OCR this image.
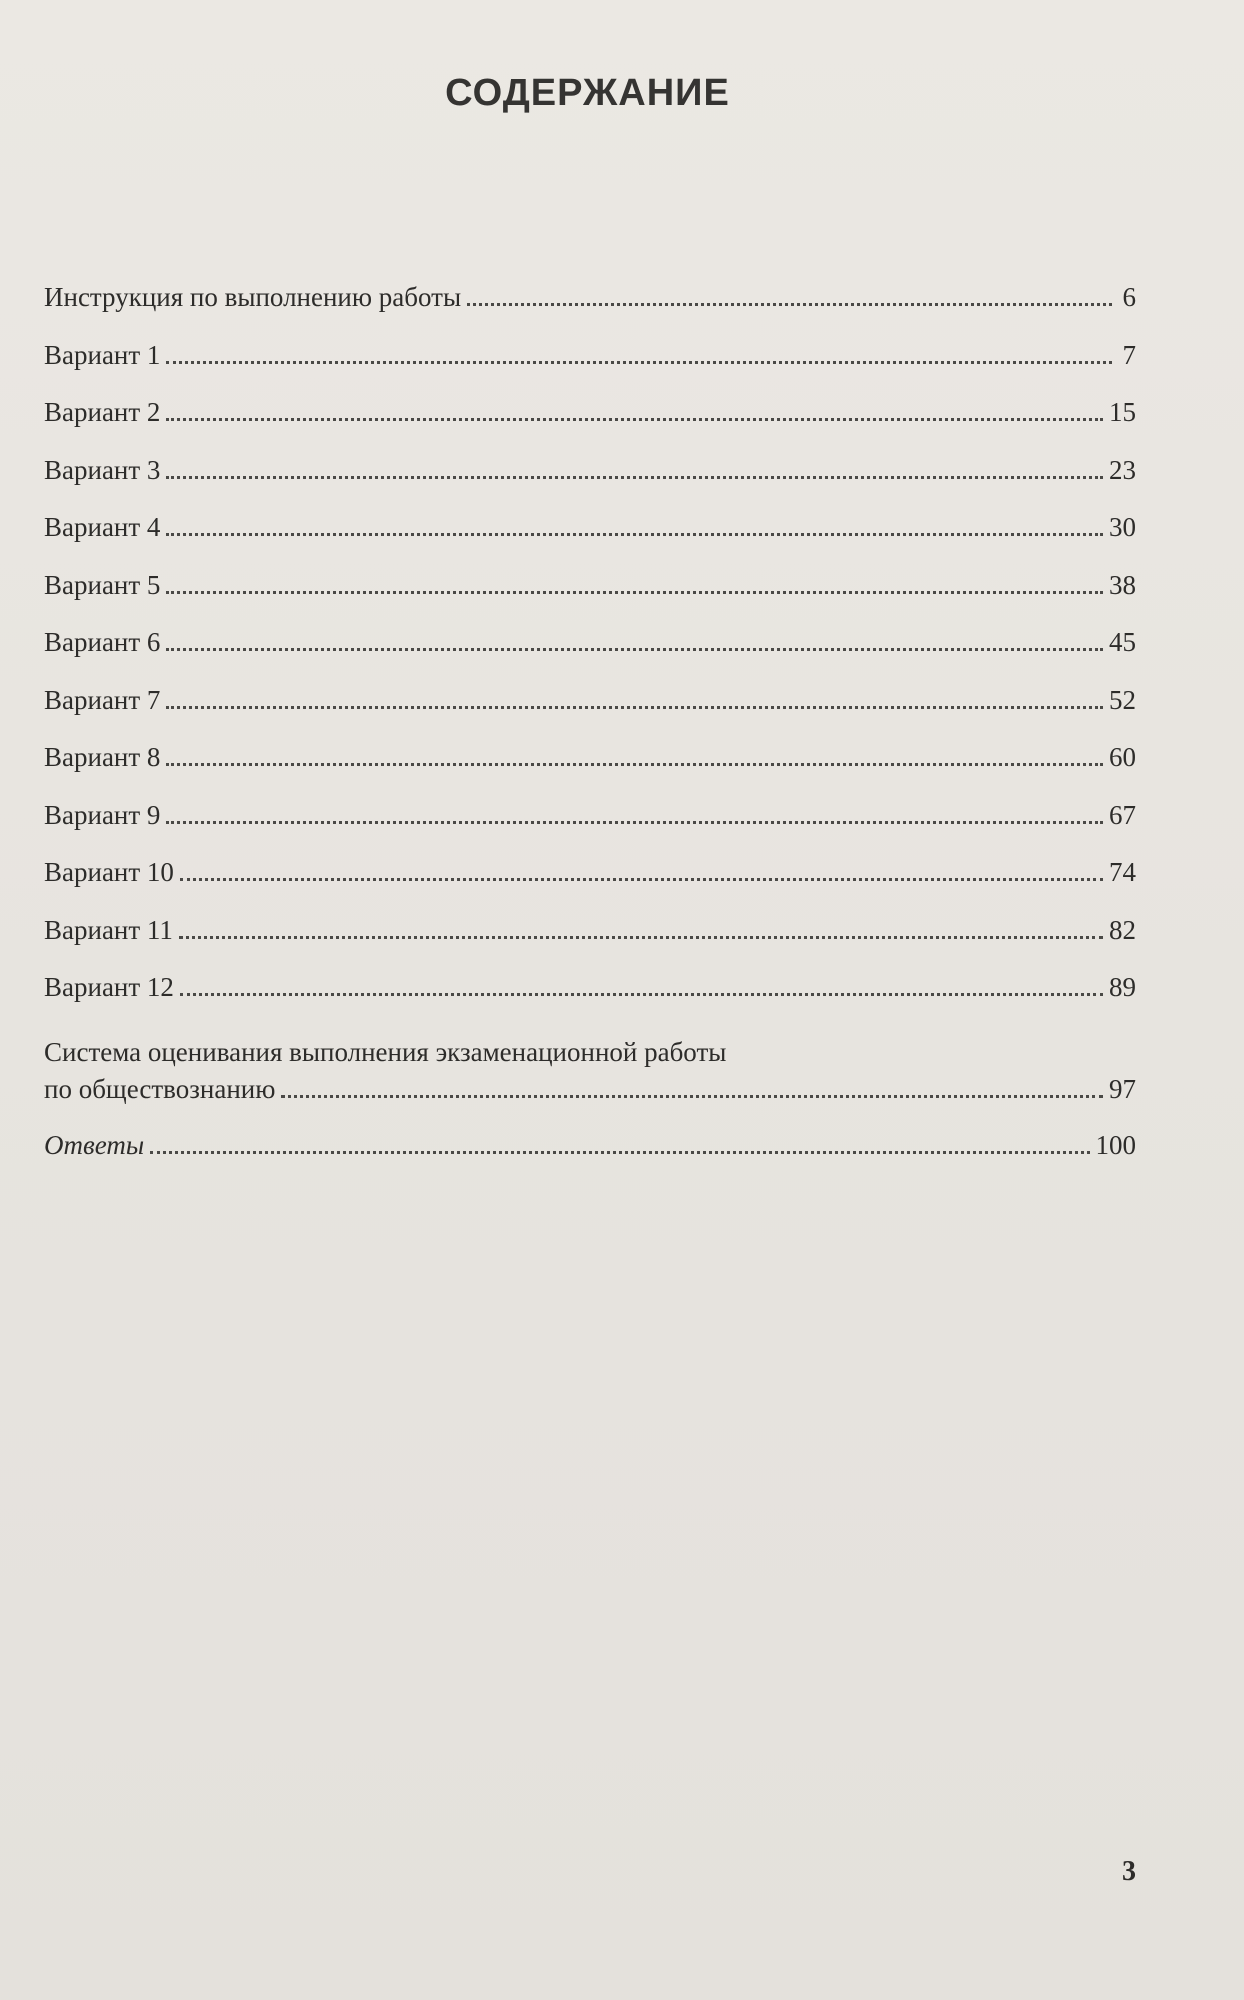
СОДЕРЖАНИЕ
Инструкция по выполнению работы	6
Вариант 1	7
Вариант 2	15
Вариант 3	23
Вариант 4	30
Вариант 5	38
Вариант 6	45
Вариант 7	52
Вариант 8	60
Вариант 9	67
Вариант 10	74
Вариант 11	82
Вариант 12	89
Система оценивания выполнения экзаменационной работы
по обществознанию	97
Ответы	100
3
